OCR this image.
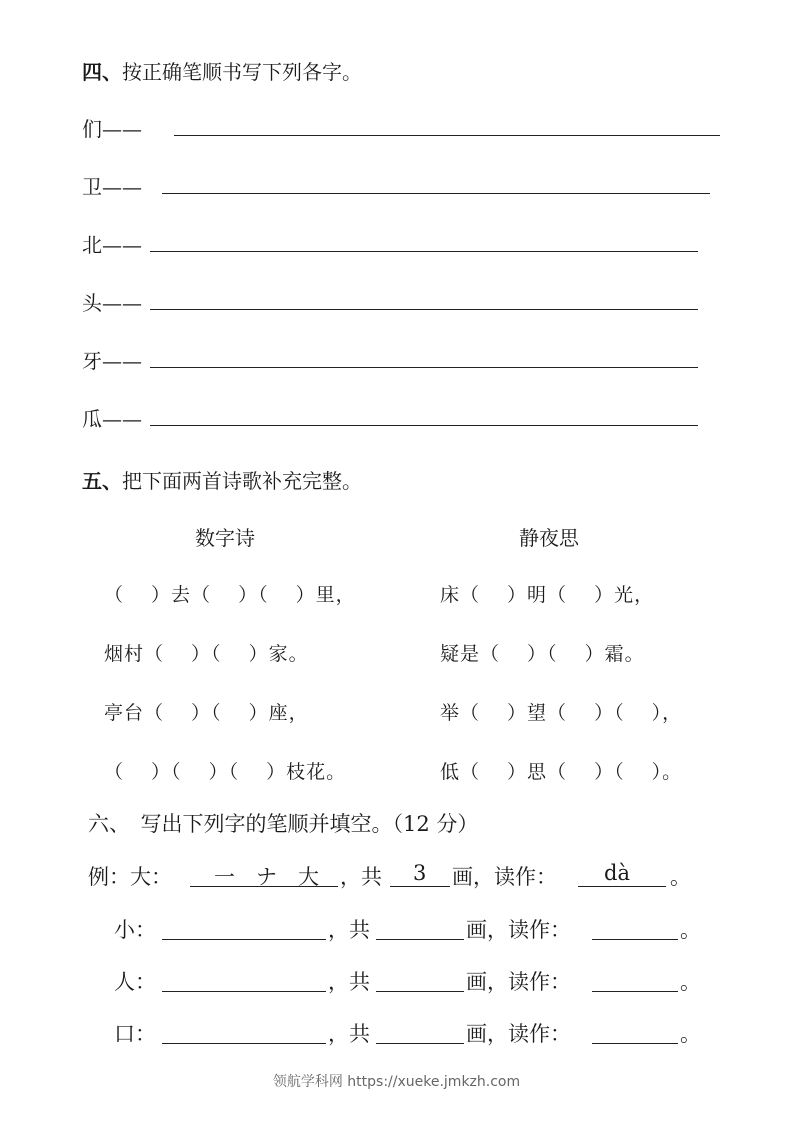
四、按正确笔顺书写下列各字。
们——
卫——
北——
头——
牙——
瓜——
五、把下面两首诗歌补充完整。
数字诗	静夜思
（　 ）去（　 ）（　 ）里，
烟村（　 ）（　 ）家。
亭台（　 ）（　 ）座，
（　 ）（　 ）（　 ）枝花。
床（　 ）明（　 ）光，
疑是（　 ）（　 ）霜。
举（　 ）望（　 ）（　 ），
低（　 ）思（　 ）（　 ）。
六、　写出下列字的笔顺并填空。（12 分）
例：大： 一　ナ　大 ，共 3 画，读作： dà 。
小：	，共	画，读作：	。
人：	，共	画，读作：	。
口：	，共	画，读作：	。
领航学科网 https://xueke.jmkzh.com
